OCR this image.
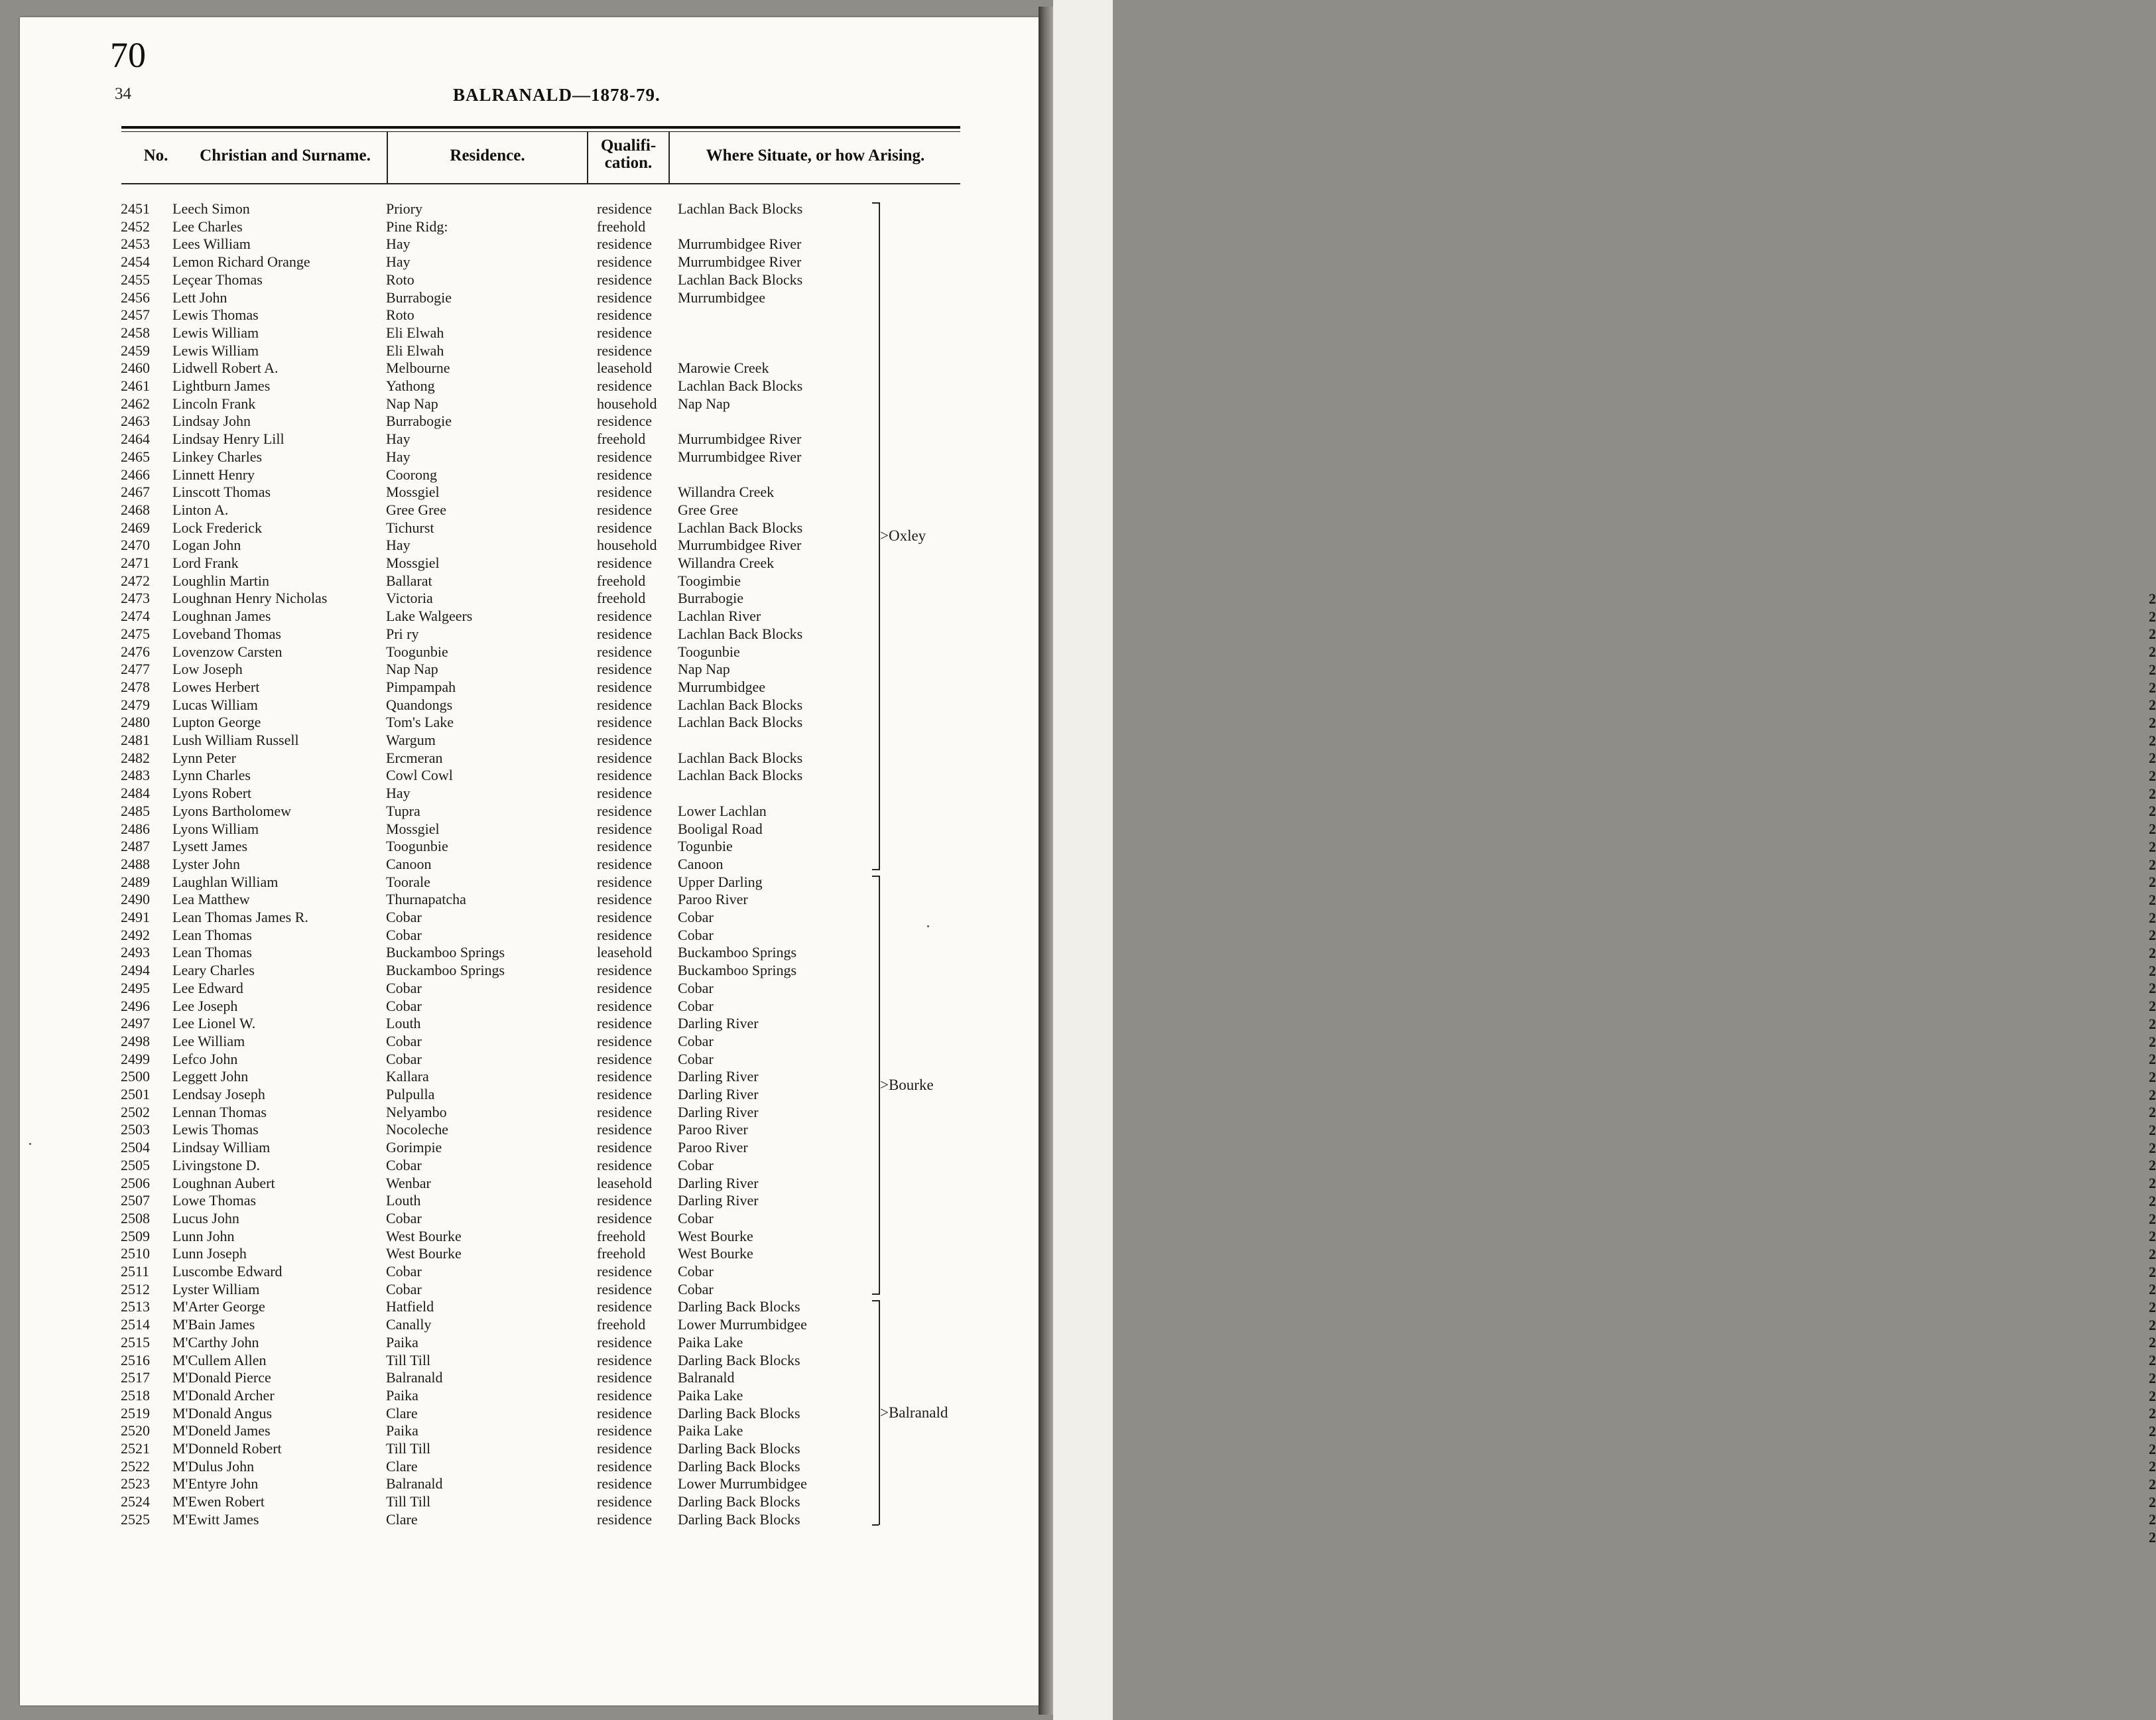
2
2
2
2
2
2
2
2
2
2
2
2
2
2
2
2
2
2
2
2
2
2
2
2
2
2
2
2
2
2
2
2
2
2
2
2
2
2
2
2
2
2
2
2
2
2
2
2
2
2
2
2
2
2
70
34	BALRANALD—1878-79.
No.	Christian and Surname.	Residence.
Qualifi-
cation.	Where Situate, or how Arising.
2451 Leech Simon	Priory	residence Lachlan Back Blocks
2452 Lee Charles	Pine Ridg:	freehold
2453 Lees William	Hay	residence Murrumbidgee River
2454 Lemon Richard Orange	Hay	residence Murrumbidgee River
2455 Leçear Thomas	Roto	residence Lachlan Back Blocks
2456 Lett John	Burrabogie	residence Murrumbidgee
2457 Lewis Thomas	Roto	residence
2458 Lewis William	Eli Elwah	residence
2459 Lewis William	Eli Elwah	residence
2460 Lidwell Robert A.	Melbourne	leasehold Marowie Creek
2461 Lightburn James	Yathong	residence Lachlan Back Blocks
2462 Lincoln Frank	Nap Nap	household Nap Nap
2463 Lindsay John	Burrabogie	residence
2464 Lindsay Henry Lill	Hay	freehold Murrumbidgee River
2465 Linkey Charles	Hay	residence Murrumbidgee River
2466 Linnett Henry	Coorong	residence
2467 Linscott Thomas	Mossgiel	residence Willandra Creek
2468 Linton A.	Gree Gree	residence Gree Gree
2469 Lock Frederick	Tichurst	residence Lachlan Back Blocks
2470 Logan John	Hay	household Murrumbidgee River
2471 Lord Frank	Mossgiel	residence Willandra Creek
2472 Loughlin Martin	Ballarat	freehold Toogimbie
2473 Loughnan Henry Nicholas	Victoria	freehold Burrabogie
2474 Loughnan James	Lake Walgeers	residence Lachlan River
2475 Loveband Thomas	Pri ry	residence Lachlan Back Blocks
2476 Lovenzow Carsten	Toogunbie	residence Toogunbie
2477 Low Joseph	Nap Nap	residence Nap Nap
2478 Lowes Herbert	Pimpampah	residence Murrumbidgee
2479 Lucas William	Quandongs	residence Lachlan Back Blocks
2480 Lupton George	Tom's Lake	residence Lachlan Back Blocks
2481 Lush William Russell	Wargum	residence
2482 Lynn Peter	Ercmeran	residence Lachlan Back Blocks
2483 Lynn Charles	Cowl Cowl	residence Lachlan Back Blocks
2484 Lyons Robert	Hay	residence
2485 Lyons Bartholomew	Tupra	residence Lower Lachlan
2486 Lyons William	Mossgiel	residence Booligal Road
2487 Lysett James	Toogunbie	residence Togunbie
2488 Lyster John	Canoon	residence Canoon
2489 Laughlan William	Toorale	residence Upper Darling
2490 Lea Matthew	Thurnapatcha	residence Paroo River
2491 Lean Thomas James R.	Cobar	residence Cobar
2492 Lean Thomas	Cobar	residence Cobar
2493 Lean Thomas	Buckamboo Springs	leasehold Buckamboo Springs
2494 Leary Charles	Buckamboo Springs	residence Buckamboo Springs
2495 Lee Edward	Cobar	residence Cobar
2496 Lee Joseph	Cobar	residence Cobar
2497 Lee Lionel W.	Louth	residence Darling River
2498 Lee William	Cobar	residence Cobar
2499 Lefco John	Cobar	residence Cobar
2500 Leggett John	Kallara	residence Darling River
2501 Lendsay Joseph	Pulpulla	residence Darling River
2502 Lennan Thomas	Nelyambo	residence Darling River
2503 Lewis Thomas	Nocoleche	residence Paroo River
2504 Lindsay William	Gorimpie	residence Paroo River
2505 Livingstone D.	Cobar	residence Cobar
2506 Loughnan Aubert	Wenbar	leasehold Darling River
2507 Lowe Thomas	Louth	residence Darling River
2508 Lucus John	Cobar	residence Cobar
2509 Lunn John	West Bourke	freehold West Bourke
2510 Lunn Joseph	West Bourke	freehold West Bourke
2511 Luscombe Edward	Cobar	residence Cobar
2512 Lyster William	Cobar	residence Cobar
2513 M'Arter George	Hatfield	residence Darling Back Blocks
2514 M'Bain James	Canally	freehold Lower Murrumbidgee
2515 M'Carthy John	Paika	residence Paika Lake
2516 M'Cullem Allen	Till Till	residence Darling Back Blocks
2517 M'Donald Pierce	Balranald	residence Balranald
2518 M'Donald Archer	Paika	residence Paika Lake
2519 M'Donald Angus	Clare	residence Darling Back Blocks
2520 M'Doneld James	Paika	residence Paika Lake
2521 M'Donneld Robert	Till Till	residence Darling Back Blocks
2522 M'Dulus John	Clare	residence Darling Back Blocks
2523 M'Entyre John	Balranald	residence Lower Murrumbidgee
2524 M'Ewen Robert	Till Till	residence Darling Back Blocks
2525 M'Ewitt James	Clare	residence Darling Back Blocks
>Oxley
>Bourke
>Balranald
